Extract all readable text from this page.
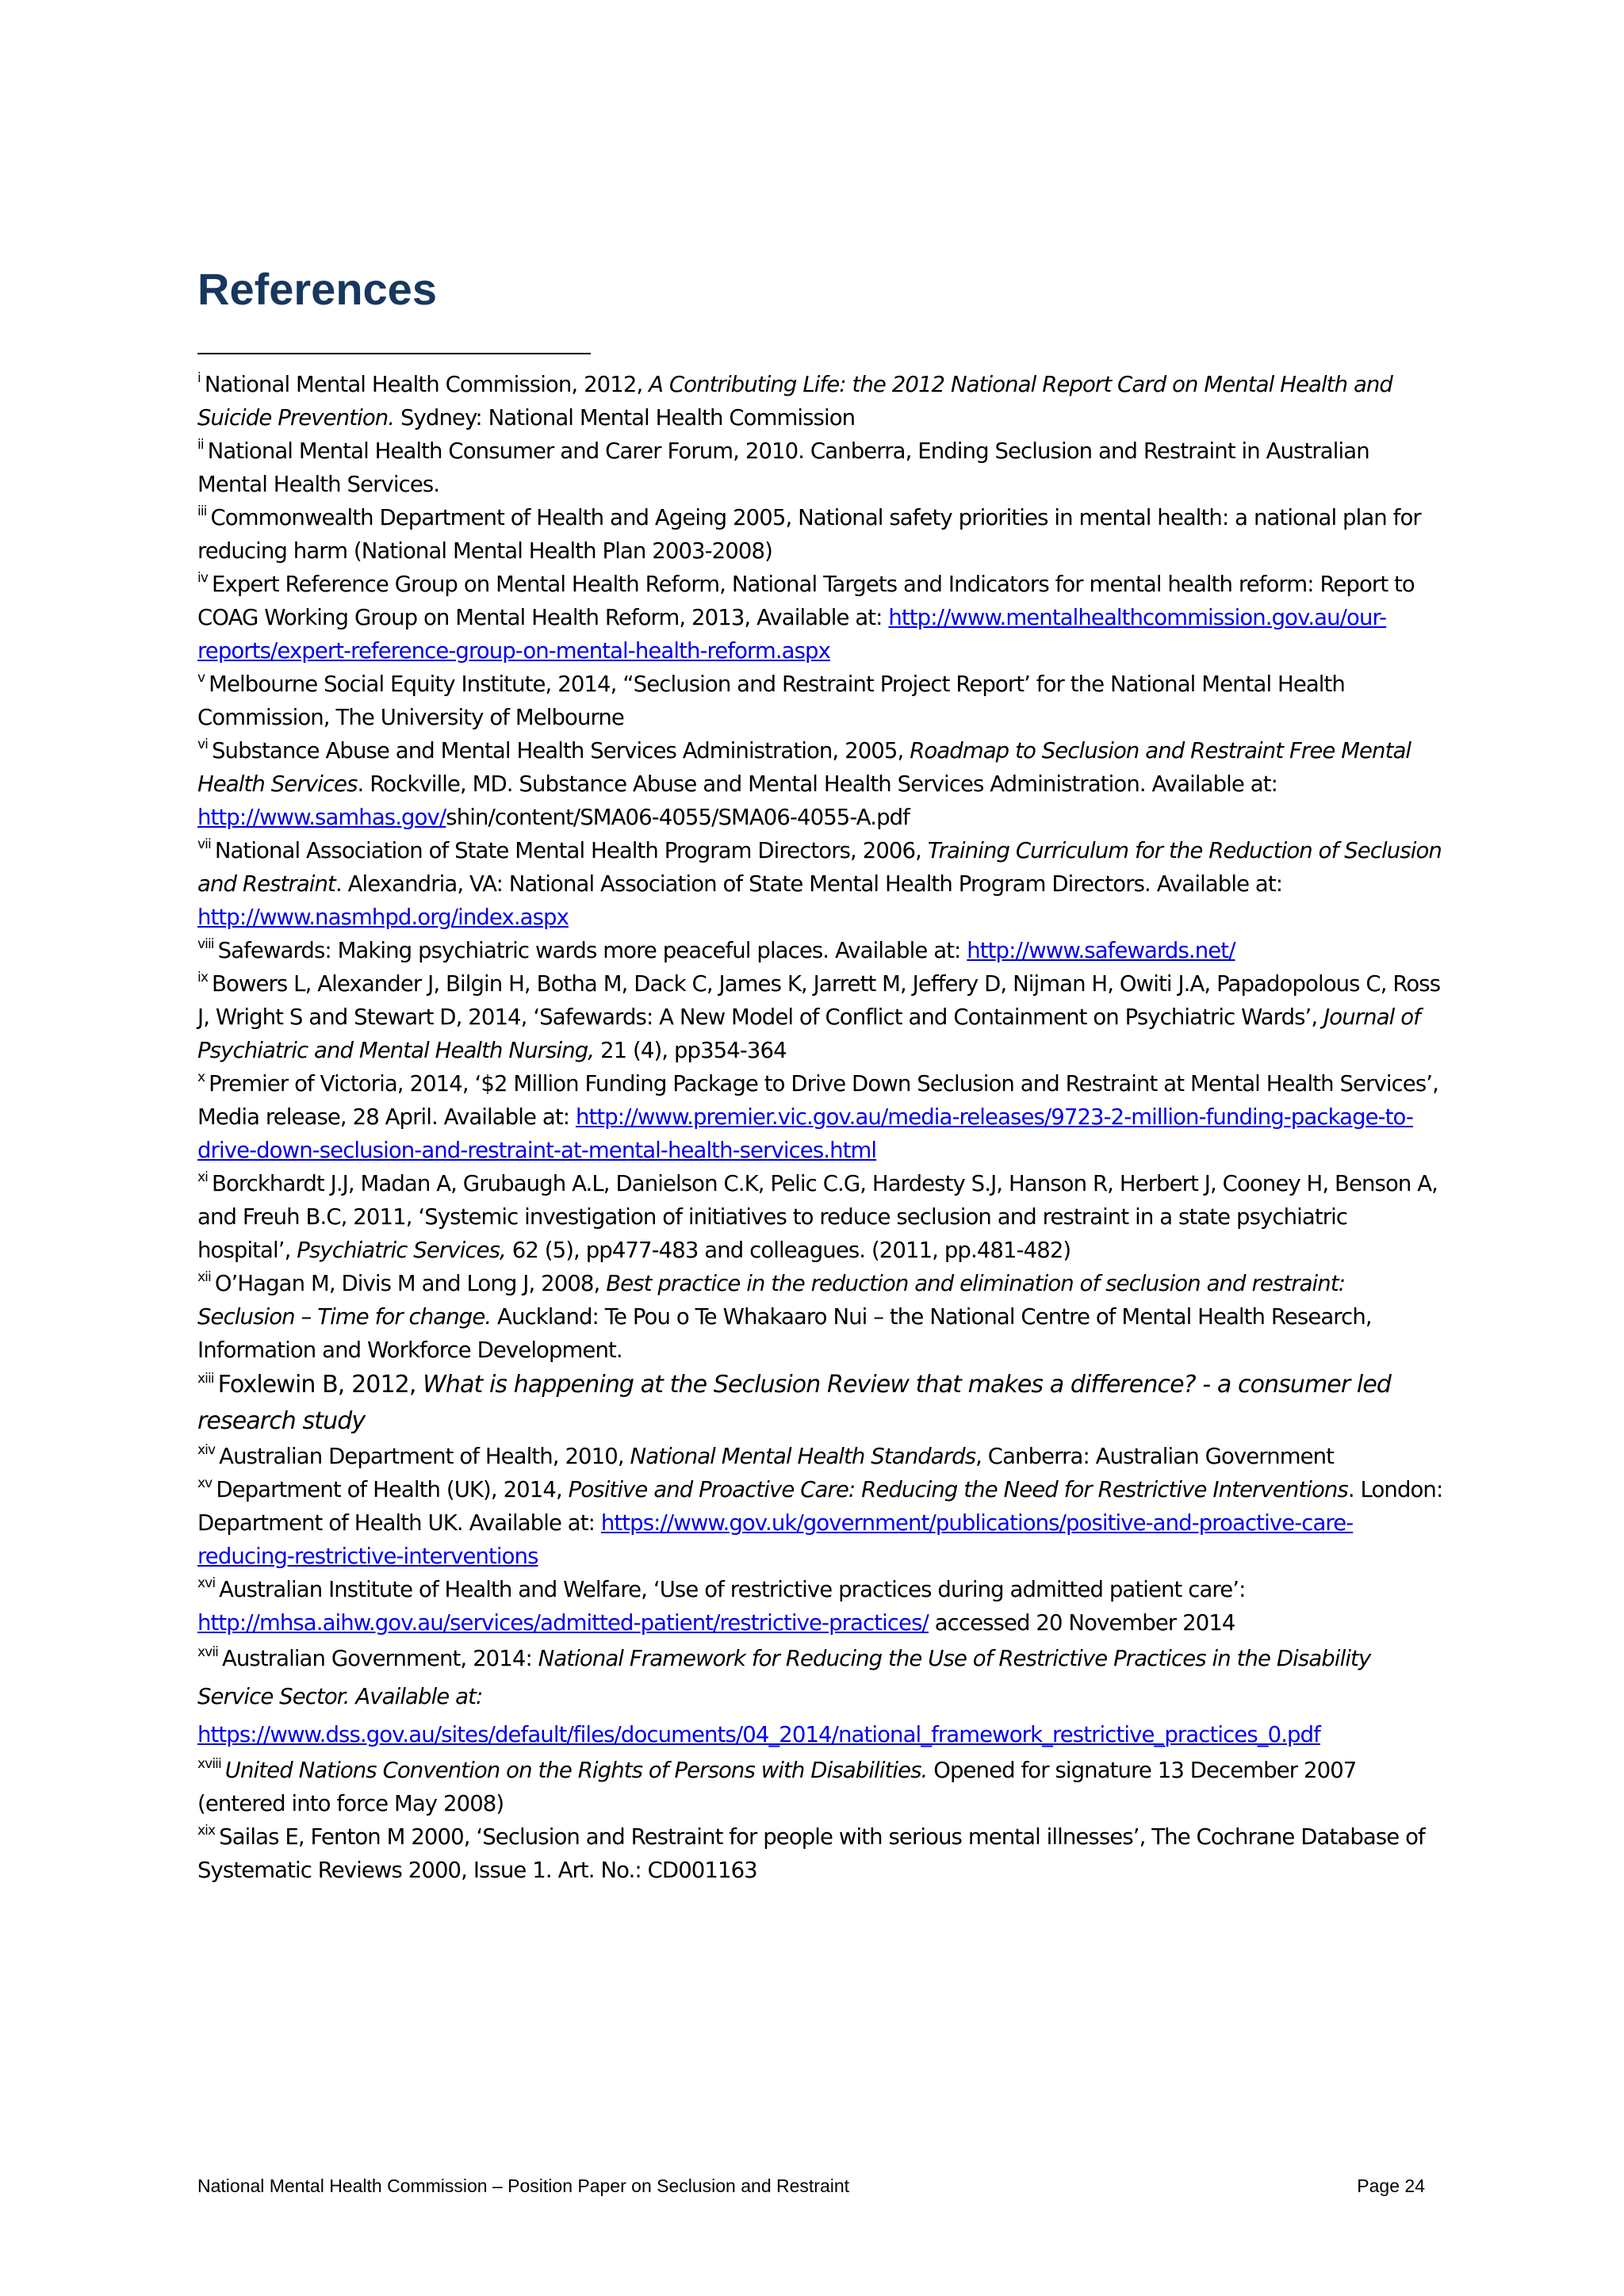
References

$^i$ National Mental Health Commission, 2012, A Contributing Life: the 2012 National Report Card on Mental Health and Suicide Prevention. Sydney: National Mental Health Commission

$^{ii}$ National Mental Health Consumer and Carer Forum, 2010. Canberra, Ending Seclusion and Restraint in Australian Mental Health Services.

$^{iii}$ Commonwealth Department of Health and Ageing 2005, National safety priorities in mental health: a national plan for reducing harm (National Mental Health Plan 2003-2008)

$^{iv}$ Expert Reference Group on Mental Health Reform, National Targets and Indicators for mental health reform: Report to COAG Working Group on Mental Health Reform, 2013, Available at: http://www.mentalhealthcommission.gov.au/our-reports/expert-reference-group-on-mental-health-reform.aspx

$^v$ Melbourne Social Equity Institute, 2014, “Seclusion and Restraint Project Report’ for the National Mental Health Commission, The University of Melbourne

$^{vi}$ Substance Abuse and Mental Health Services Administration, 2005, Roadmap to Seclusion and Restraint Free Mental Health Services. Rockville, MD. Substance Abuse and Mental Health Services Administration. Available at: http://www.samhas.gov/shin/content/SMA06-4055/SMA06-4055-A.pdf

$^{vii}$ National Association of State Mental Health Program Directors, 2006, Training Curriculum for the Reduction of Seclusion and Restraint. Alexandria, VA: National Association of State Mental Health Program Directors. Available at: http://www.nasmhpd.org/index.aspx

$^{viii}$ Safewards: Making psychiatric wards more peaceful places. Available at: http://www.safewards.net/

$^{ix}$ Bowers L, Alexander J, Bilgin H, Botha M, Dack C, James K, Jarrett M, Jeffery D, Nijman H, Owiti J.A, Papadopolous C, Ross J, Wright S and Stewart D, 2014, ‘Safewards: A New Model of Conflict and Containment on Psychiatric Wards’, Journal of Psychiatric and Mental Health Nursing, 21 (4), pp354-364

$^x$ Premier of Victoria, 2014, ‘$2 Million Funding Package to Drive Down Seclusion and Restraint at Mental Health Services’, Media release, 28 April. Available at: http://www.premier.vic.gov.au/media-releases/9723-2-million-funding-package-to-drive-down-seclusion-and-restraint-at-mental-health-services.html

$^{xi}$ Borckhardt J.J, Madan A, Grubaugh A.L, Danielson C.K, Pelic C.G, Hardesty S.J, Hanson R, Herbert J, Cooney H, Benson A, and Freuh B.C, 2011, ‘Systemic investigation of initiatives to reduce seclusion and restraint in a state psychiatric hospital’, Psychiatric Services, 62 (5), pp477-483 and colleagues. (2011, pp.481-482)

$^{xii}$ O’Hagan M, Divis M and Long J, 2008, Best practice in the reduction and elimination of seclusion and restraint: Seclusion – Time for change. Auckland: Te Pou o Te Whakaaro Nui – the National Centre of Mental Health Research, Information and Workforce Development.

$^{xiii}$ Foxlewin B, 2012, What is happening at the Seclusion Review that makes a difference? - a consumer led research study

$^{xiv}$ Australian Department of Health, 2010, National Mental Health Standards, Canberra: Australian Government

$^{xv}$ Department of Health (UK), 2014, Positive and Proactive Care: Reducing the Need for Restrictive Interventions. London: Department of Health UK. Available at: https://www.gov.uk/government/publications/positive-and-proactive-care-reducing-restrictive-interventions

$^{xvi}$ Australian Institute of Health and Welfare, ‘Use of restrictive practices during admitted patient care’: http://mhsa.aihw.gov.au/services/admitted-patient/restrictive-practices/ accessed 20 November 2014

$^{xvii}$ Australian Government, 2014: National Framework for Reducing the Use of Restrictive Practices in the Disability Service Sector. Available at:
https://www.dss.gov.au/sites/default/files/documents/04_2014/national_framework_restrictive_practices_0.pdf

$^{xviii}$ United Nations Convention on the Rights of Persons with Disabilities. Opened for signature 13 December 2007 (entered into force May 2008)

$^{xix}$ Sailas E, Fenton M 2000, ‘Seclusion and Restraint for people with serious mental illnesses’, The Cochrane Database of Systematic Reviews 2000, Issue 1. Art. No.: CD001163

National Mental Health Commission – Position Paper on Seclusion and Restraint	Page 24
